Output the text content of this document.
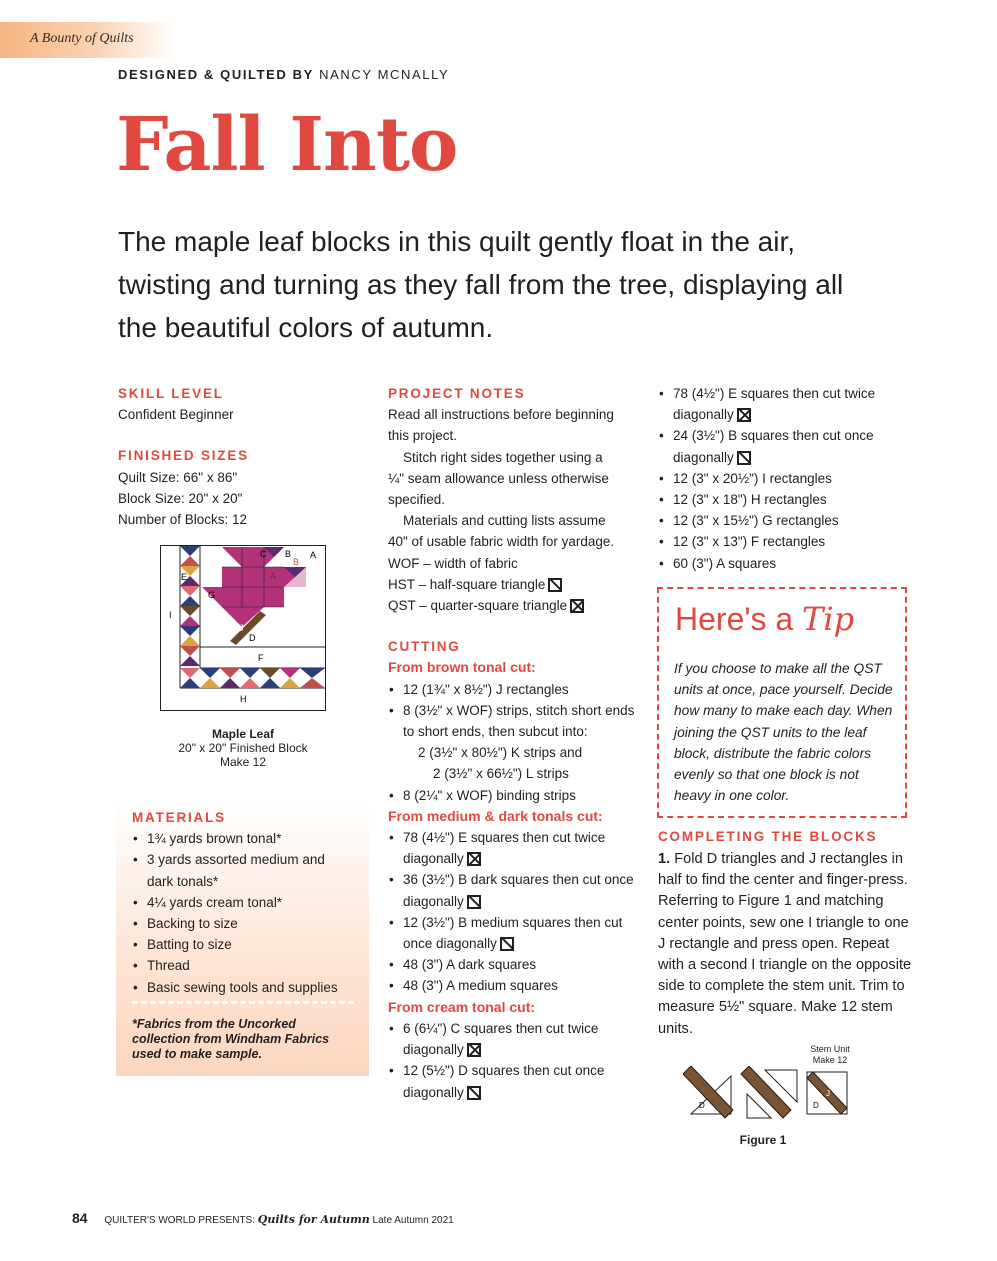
A Bounty of Quilts
DESIGNED & QUILTED BY NANCY MCNALLY
Fall Into
The maple leaf blocks in this quilt gently float in the air, twisting and turning as they fall from the tree, displaying all the beautiful colors of autumn.
SKILL LEVEL
Confident Beginner
FINISHED SIZES
Quilt Size: 66" x 86"
Block Size: 20" x 20"
Number of Blocks: 12
C B
B
A
A
E
G
I
J
D
F
H
Maple Leaf
20" x 20" Finished Block
Make 12
MATERIALS
• 1¾ yards brown tonal*
• 3 yards assorted medium and
dark tonals*
• 4¼ yards cream tonal*
• Backing to size
• Batting to size
• Thread
• Basic sewing tools and supplies
*Fabrics from the Uncorked collection from Windham Fabrics used to make sample.
PROJECT NOTES
Read all instructions before beginning
this project.
Stitch right sides together using a
¼" seam allowance unless otherwise
specified.
Materials and cutting lists assume
40" of usable fabric width for yardage.
WOF – width of fabric
HST – half-square triangle
QST – quarter-square triangle
CUTTING
From brown tonal cut:
• 12 (1¾" x 8½") J rectangles
• 8 (3½" x WOF) strips, stitch short ends
to short ends, then subcut into:
2 (3½" x 80½") K strips and
2 (3½" x 66½") L strips
• 8 (2¼" x WOF) binding strips
From medium & dark tonals cut:
• 78 (4½") E squares then cut twice
diagonally
• 36 (3½") B dark squares then cut once
diagonally
• 12 (3½") B medium squares then cut
once diagonally
• 48 (3") A dark squares
• 48 (3") A medium squares
From cream tonal cut:
• 6 (6¼") C squares then cut twice
diagonally
• 12 (5½") D squares then cut once
diagonally
• 78 (4½") E squares then cut twice
diagonally
• 24 (3½") B squares then cut once
diagonally
• 12 (3" x 20½") I rectangles
• 12 (3" x 18") H rectangles
• 12 (3" x 15½") G rectangles
• 12 (3" x 13") F rectangles
• 60 (3") A squares
Here's a Tip
If you choose to make all the QST units at once, pace yourself. Decide how many to make each day. When joining the QST units to the leaf block, distribute the fabric colors evenly so that one block is not heavy in one color.
COMPLETING THE BLOCKS
1. Fold D triangles and J rectangles in half to find the center and finger-press. Referring to Figure 1 and matching center points, sew one I triangle to one J rectangle and press open. Repeat with a second I triangle on the opposite side to complete the stem unit. Trim to measure 5½" square. Make 12 stem units.
Stem Unit
Make 12
D	D
J
Figure 1
84 QUILTER'S WORLD PRESENTS: Quilts for Autumn Late Autumn 2021
